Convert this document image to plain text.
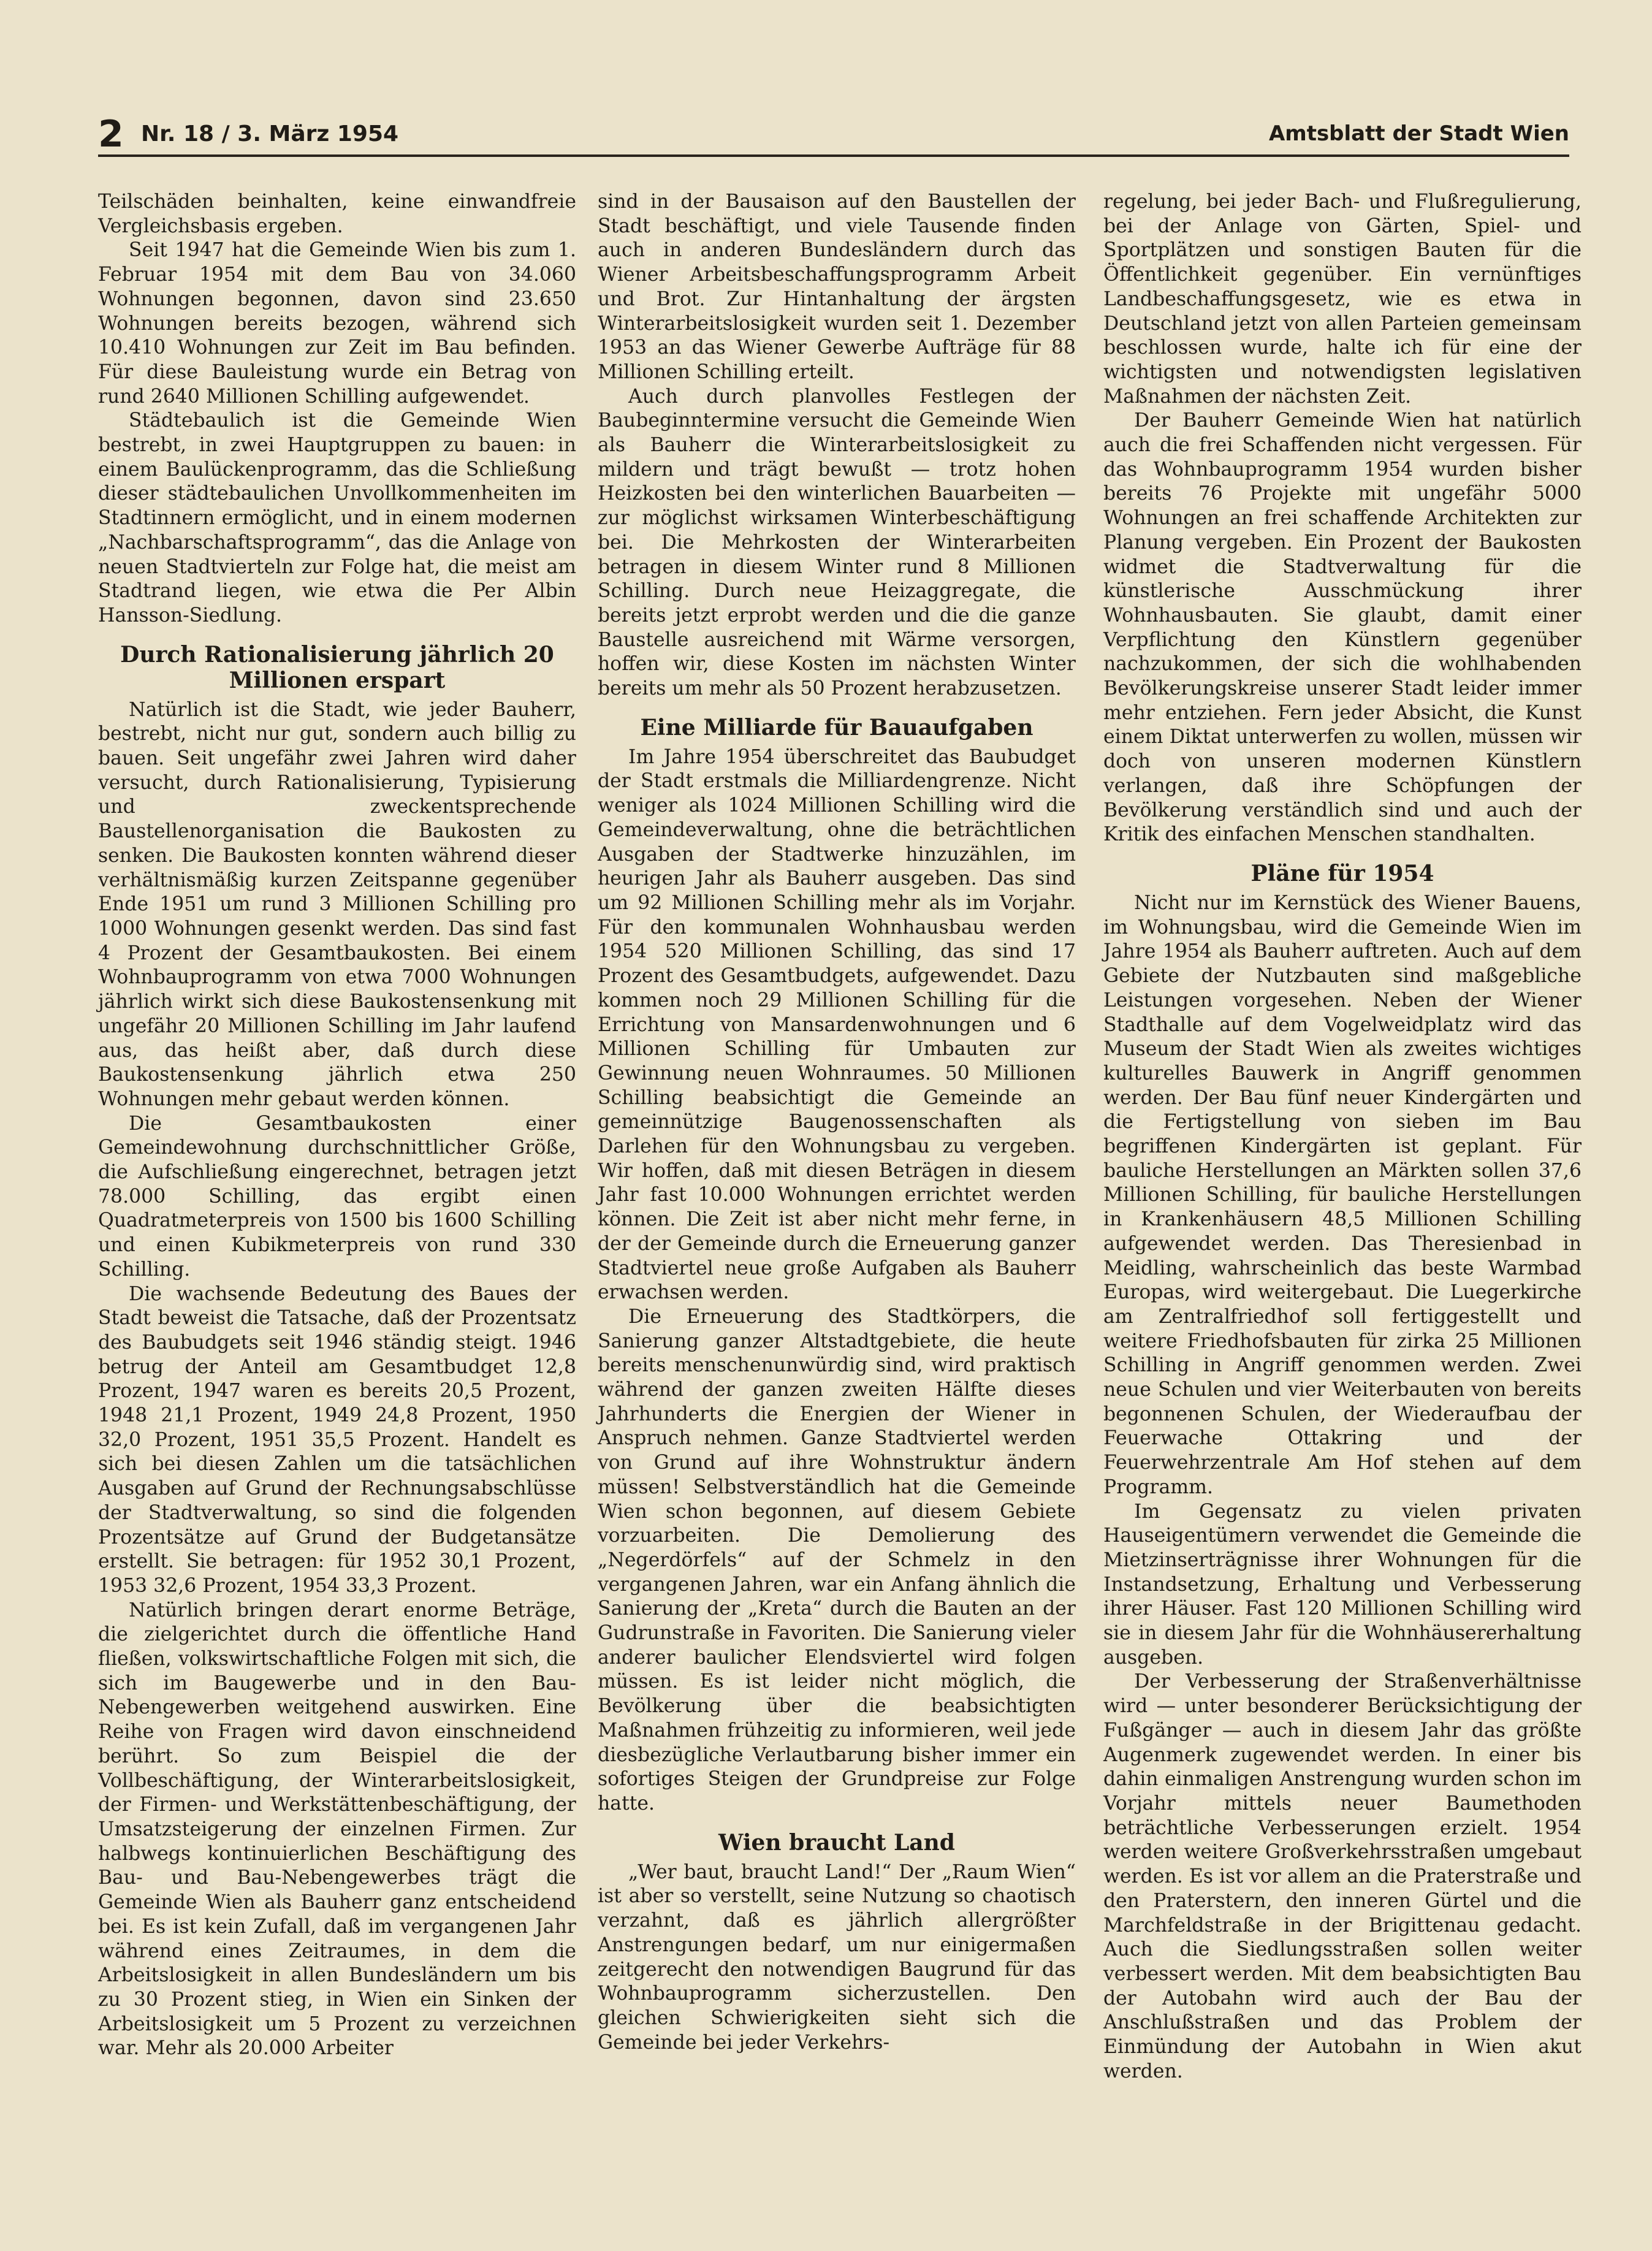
2 Nr. 18 / 3. März 1954	Amtsblatt der Stadt Wien

Teilschäden beinhalten, keine einwandfreie Vergleichsbasis ergeben.

Seit 1947 hat die Gemeinde Wien bis zum 1. Februar 1954 mit dem Bau von 34.060 Wohnungen begonnen, davon sind 23.650 Wohnungen bereits bezogen, während sich 10.410 Wohnungen zur Zeit im Bau befinden. Für diese Bauleistung wurde ein Betrag von rund 2640 Millionen Schilling aufgewendet.

Städtebaulich ist die Gemeinde Wien bestrebt, in zwei Hauptgruppen zu bauen: in einem Baulückenprogramm, das die Schließung dieser städtebaulichen Unvollkommenheiten im Stadtinnern ermöglicht, und in einem modernen „Nachbarschaftsprogramm“, das die Anlage von neuen Stadtvierteln zur Folge hat, die meist am Stadtrand liegen, wie etwa die Per Albin Hansson-Siedlung.

Durch Rationalisierung jährlich 20 Millionen erspart

Natürlich ist die Stadt, wie jeder Bauherr, bestrebt, nicht nur gut, sondern auch billig zu bauen. Seit ungefähr zwei Jahren wird daher versucht, durch Rationalisierung, Typisierung und zweckentsprechende Baustellenorganisation die Baukosten zu senken. Die Baukosten konnten während dieser verhältnismäßig kurzen Zeitspanne gegenüber Ende 1951 um rund 3 Millionen Schilling pro 1000 Wohnungen gesenkt werden. Das sind fast 4 Prozent der Gesamtbaukosten. Bei einem Wohnbauprogramm von etwa 7000 Wohnungen jährlich wirkt sich diese Baukostensenkung mit ungefähr 20 Millionen Schilling im Jahr laufend aus, das heißt aber, daß durch diese Baukostensenkung jährlich etwa 250 Wohnungen mehr gebaut werden können.

Die Gesamtbaukosten einer Gemeindewohnung durchschnittlicher Größe, die Aufschließung eingerechnet, betragen jetzt 78.000 Schilling, das ergibt einen Quadratmeterpreis von 1500 bis 1600 Schilling und einen Kubikmeterpreis von rund 330 Schilling.

Die wachsende Bedeutung des Baues der Stadt beweist die Tatsache, daß der Prozentsatz des Baubudgets seit 1946 ständig steigt. 1946 betrug der Anteil am Gesamtbudget 12,8 Prozent, 1947 waren es bereits 20,5 Prozent, 1948 21,1 Prozent, 1949 24,8 Prozent, 1950 32,0 Prozent, 1951 35,5 Prozent. Handelt es sich bei diesen Zahlen um die tatsächlichen Ausgaben auf Grund der Rechnungsabschlüsse der Stadtverwaltung, so sind die folgenden Prozentsätze auf Grund der Budgetansätze erstellt. Sie betragen: für 1952 30,1 Prozent, 1953 32,6 Prozent, 1954 33,3 Prozent.

Natürlich bringen derart enorme Beträge, die zielgerichtet durch die öffentliche Hand fließen, volkswirtschaftliche Folgen mit sich, die sich im Baugewerbe und in den Bau-Nebengewerben weitgehend auswirken. Eine Reihe von Fragen wird davon einschneidend berührt. So zum Beispiel die der Vollbeschäftigung, der Winterarbeitslosigkeit, der Firmen- und Werkstättenbeschäftigung, der Umsatzsteigerung der einzelnen Firmen. Zur halbwegs kontinuierlichen Beschäftigung des Bau- und Bau-Nebengewerbes trägt die Gemeinde Wien als Bauherr ganz entscheidend bei. Es ist kein Zufall, daß im vergangenen Jahr während eines Zeitraumes, in dem die Arbeitslosigkeit in allen Bundesländern um bis zu 30 Prozent stieg, in Wien ein Sinken der Arbeitslosigkeit um 5 Prozent zu verzeichnen war. Mehr als 20.000 Arbeiter

sind in der Bausaison auf den Baustellen der Stadt beschäftigt, und viele Tausende finden auch in anderen Bundesländern durch das Wiener Arbeitsbeschaffungsprogramm Arbeit und Brot. Zur Hintanhaltung der ärgsten Winterarbeitslosigkeit wurden seit 1. Dezember 1953 an das Wiener Gewerbe Aufträge für 88 Millionen Schilling erteilt.

Auch durch planvolles Festlegen der Baubeginntermine versucht die Gemeinde Wien als Bauherr die Winterarbeitslosigkeit zu mildern und trägt bewußt — trotz hohen Heizkosten bei den winterlichen Bauarbeiten — zur möglichst wirksamen Winterbeschäftigung bei. Die Mehrkosten der Winterarbeiten betragen in diesem Winter rund 8 Millionen Schilling. Durch neue Heizaggregate, die bereits jetzt erprobt werden und die die ganze Baustelle ausreichend mit Wärme versorgen, hoffen wir, diese Kosten im nächsten Winter bereits um mehr als 50 Prozent herabzusetzen.

Eine Milliarde für Bauaufgaben

Im Jahre 1954 überschreitet das Baubudget der Stadt erstmals die Milliardengrenze. Nicht weniger als 1024 Millionen Schilling wird die Gemeindeverwaltung, ohne die beträchtlichen Ausgaben der Stadtwerke hinzuzählen, im heurigen Jahr als Bauherr ausgeben. Das sind um 92 Millionen Schilling mehr als im Vorjahr. Für den kommunalen Wohnhausbau werden 1954 520 Millionen Schilling, das sind 17 Prozent des Gesamtbudgets, aufgewendet. Dazu kommen noch 29 Millionen Schilling für die Errichtung von Mansardenwohnungen und 6 Millionen Schilling für Umbauten zur Gewinnung neuen Wohnraumes. 50 Millionen Schilling beabsichtigt die Gemeinde an gemeinnützige Baugenossenschaften als Darlehen für den Wohnungsbau zu vergeben. Wir hoffen, daß mit diesen Beträgen in diesem Jahr fast 10.000 Wohnungen errichtet werden können. Die Zeit ist aber nicht mehr ferne, in der der Gemeinde durch die Erneuerung ganzer Stadtviertel neue große Aufgaben als Bauherr erwachsen werden.

Die Erneuerung des Stadtkörpers, die Sanierung ganzer Altstadtgebiete, die heute bereits menschenunwürdig sind, wird praktisch während der ganzen zweiten Hälfte dieses Jahrhunderts die Energien der Wiener in Anspruch nehmen. Ganze Stadtviertel werden von Grund auf ihre Wohnstruktur ändern müssen! Selbstverständlich hat die Gemeinde Wien schon begonnen, auf diesem Gebiete vorzuarbeiten. Die Demolierung des „Negerdörfels“ auf der Schmelz in den vergangenen Jahren, war ein Anfang ähnlich die Sanierung der „Kreta“ durch die Bauten an der Gudrunstraße in Favoriten. Die Sanierung vieler anderer baulicher Elendsviertel wird folgen müssen. Es ist leider nicht möglich, die Bevölkerung über die beabsichtigten Maßnahmen frühzeitig zu informieren, weil jede diesbezügliche Verlautbarung bisher immer ein sofortiges Steigen der Grundpreise zur Folge hatte.

Wien braucht Land

„Wer baut, braucht Land!“ Der „Raum Wien“ ist aber so verstellt, seine Nutzung so chaotisch verzahnt, daß es jährlich allergrößter Anstrengungen bedarf, um nur einigermaßen zeitgerecht den notwendigen Baugrund für das Wohnbauprogramm sicherzustellen. Den gleichen Schwierigkeiten sieht sich die Gemeinde bei jeder Verkehrs-

regelung, bei jeder Bach- und Flußregulierung, bei der Anlage von Gärten, Spiel- und Sportplätzen und sonstigen Bauten für die Öffentlichkeit gegenüber. Ein vernünftiges Landbeschaffungsgesetz, wie es etwa in Deutschland jetzt von allen Parteien gemeinsam beschlossen wurde, halte ich für eine der wichtigsten und notwendigsten legislativen Maßnahmen der nächsten Zeit.

Der Bauherr Gemeinde Wien hat natürlich auch die frei Schaffenden nicht vergessen. Für das Wohnbauprogramm 1954 wurden bisher bereits 76 Projekte mit ungefähr 5000 Wohnungen an frei schaffende Architekten zur Planung vergeben. Ein Prozent der Baukosten widmet die Stadtverwaltung für die künstlerische Ausschmückung ihrer Wohnhausbauten. Sie glaubt, damit einer Verpflichtung den Künstlern gegenüber nachzukommen, der sich die wohlhabenden Bevölkerungskreise unserer Stadt leider immer mehr entziehen. Fern jeder Absicht, die Kunst einem Diktat unterwerfen zu wollen, müssen wir doch von unseren modernen Künstlern verlangen, daß ihre Schöpfungen der Bevölkerung verständlich sind und auch der Kritik des einfachen Menschen standhalten.

Pläne für 1954

Nicht nur im Kernstück des Wiener Bauens, im Wohnungsbau, wird die Gemeinde Wien im Jahre 1954 als Bauherr auftreten. Auch auf dem Gebiete der Nutzbauten sind maßgebliche Leistungen vorgesehen. Neben der Wiener Stadthalle auf dem Vogelweidplatz wird das Museum der Stadt Wien als zweites wichtiges kulturelles Bauwerk in Angriff genommen werden. Der Bau fünf neuer Kindergärten und die Fertigstellung von sieben im Bau begriffenen Kindergärten ist geplant. Für bauliche Herstellungen an Märkten sollen 37,6 Millionen Schilling, für bauliche Herstellungen in Krankenhäusern 48,5 Millionen Schilling aufgewendet werden. Das Theresienbad in Meidling, wahrscheinlich das beste Warmbad Europas, wird weitergebaut. Die Luegerkirche am Zentralfriedhof soll fertiggestellt und weitere Friedhofsbauten für zirka 25 Millionen Schilling in Angriff genommen werden. Zwei neue Schulen und vier Weiterbauten von bereits begonnenen Schulen, der Wiederaufbau der Feuerwache Ottakring und der Feuerwehrzentrale Am Hof stehen auf dem Programm.

Im Gegensatz zu vielen privaten Hauseigentümern verwendet die Gemeinde die Mietzinserträgnisse ihrer Wohnungen für die Instandsetzung, Erhaltung und Verbesserung ihrer Häuser. Fast 120 Millionen Schilling wird sie in diesem Jahr für die Wohnhäusererhaltung ausgeben.

Der Verbesserung der Straßenverhältnisse wird — unter besonderer Berücksichtigung der Fußgänger — auch in diesem Jahr das größte Augenmerk zugewendet werden. In einer bis dahin einmaligen Anstrengung wurden schon im Vorjahr mittels neuer Baumethoden beträchtliche Verbesserungen erzielt. 1954 werden weitere Großverkehrsstraßen umgebaut werden. Es ist vor allem an die Praterstraße und den Praterstern, den inneren Gürtel und die Marchfeldstraße in der Brigittenau gedacht. Auch die Siedlungsstraßen sollen weiter verbessert werden. Mit dem beabsichtigten Bau der Autobahn wird auch der Bau der Anschlußstraßen und das Problem der Einmündung der Autobahn in Wien akut werden.
